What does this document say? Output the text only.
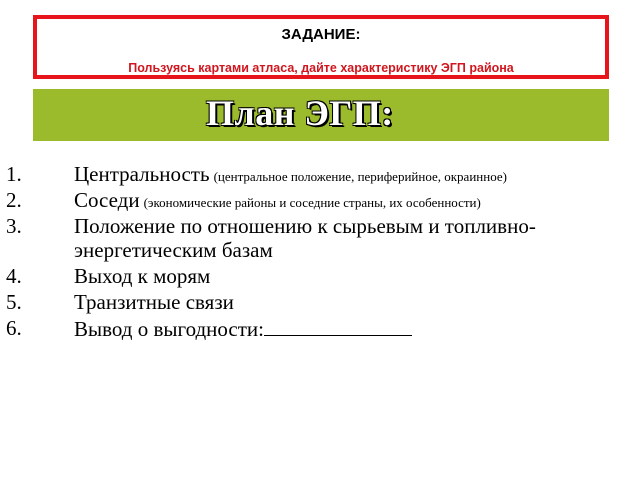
ЗАДАНИЕ:
Пользуясь картами атласа, дайте характеристику ЭГП района
План ЭГП:
1. Центральность (центральное положение, периферийное, окраинное)
2. Соседи (экономические районы и соседние страны, их особенности)
3. Положение по отношению к сырьевым и топливно-энергетическим базам
4. Выход к морям
5. Транзитные связи
6. Вывод о выгодности:
